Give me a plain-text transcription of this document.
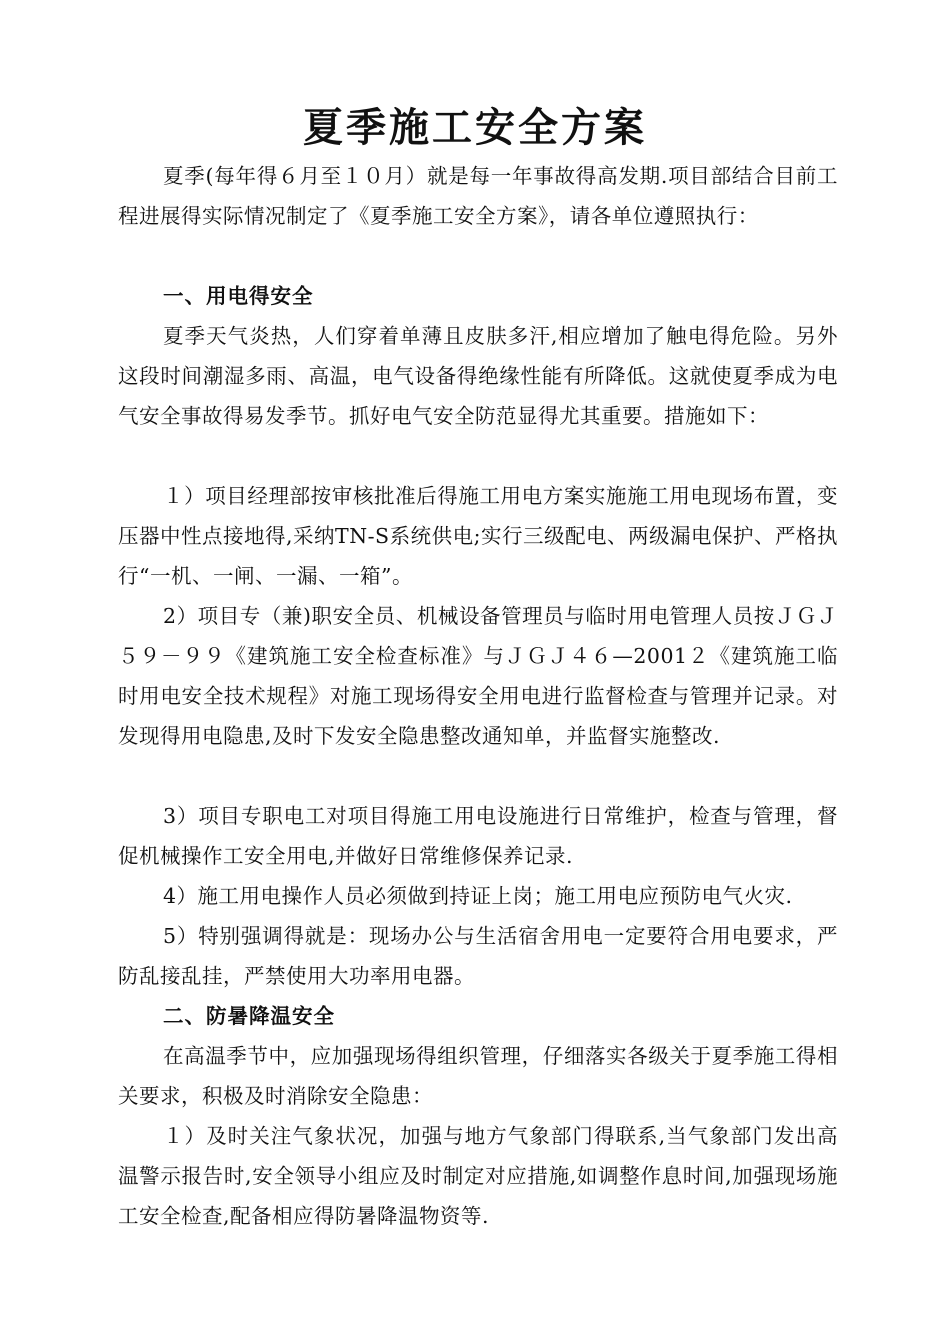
夏季施工安全方案
夏季(每年得６月至１０月）就是每一年事故得高发期.项目部结合目前工程进展得实际情况制定了《夏季施工安全方案》，请各单位遵照执行：
一、用电得安全
夏季天气炎热，人们穿着单薄且皮肤多汗,相应增加了触电得危险。另外这段时间潮湿多雨、高温，电气设备得绝缘性能有所降低。这就使夏季成为电气安全事故得易发季节。抓好电气安全防范显得尤其重要。措施如下：
１）项目经理部按审核批准后得施工用电方案实施施工用电现场布置，变压器中性点接地得,采纳TN-S系统供电;实行三级配电、两级漏电保护、严格执行“一机、一闸、一漏、一箱”。
2）项目专（兼)职安全员、机械设备管理员与临时用电管理人员按ＪＧＪ５９－９９《建筑施工安全检查标准》与ＪＧＪ４６—2001２《建筑施工临时用电安全技术规程》对施工现场得安全用电进行监督检查与管理并记录。对发现得用电隐患,及时下发安全隐患整改通知单，并监督实施整改.
3）项目专职电工对项目得施工用电设施进行日常维护，检查与管理，督促机械操作工安全用电,并做好日常维修保养记录.
4）施工用电操作人员必须做到持证上岗；施工用电应预防电气火灾.
5）特别强调得就是：现场办公与生活宿舍用电一定要符合用电要求，严防乱接乱挂，严禁使用大功率用电器。
二、防暑降温安全
在高温季节中，应加强现场得组织管理，仔细落实各级关于夏季施工得相关要求，积极及时消除安全隐患：
１）及时关注气象状况，加强与地方气象部门得联系,当气象部门发出高温警示报告时,安全领导小组应及时制定对应措施,如调整作息时间,加强现场施工安全检查,配备相应得防暑降温物资等.
